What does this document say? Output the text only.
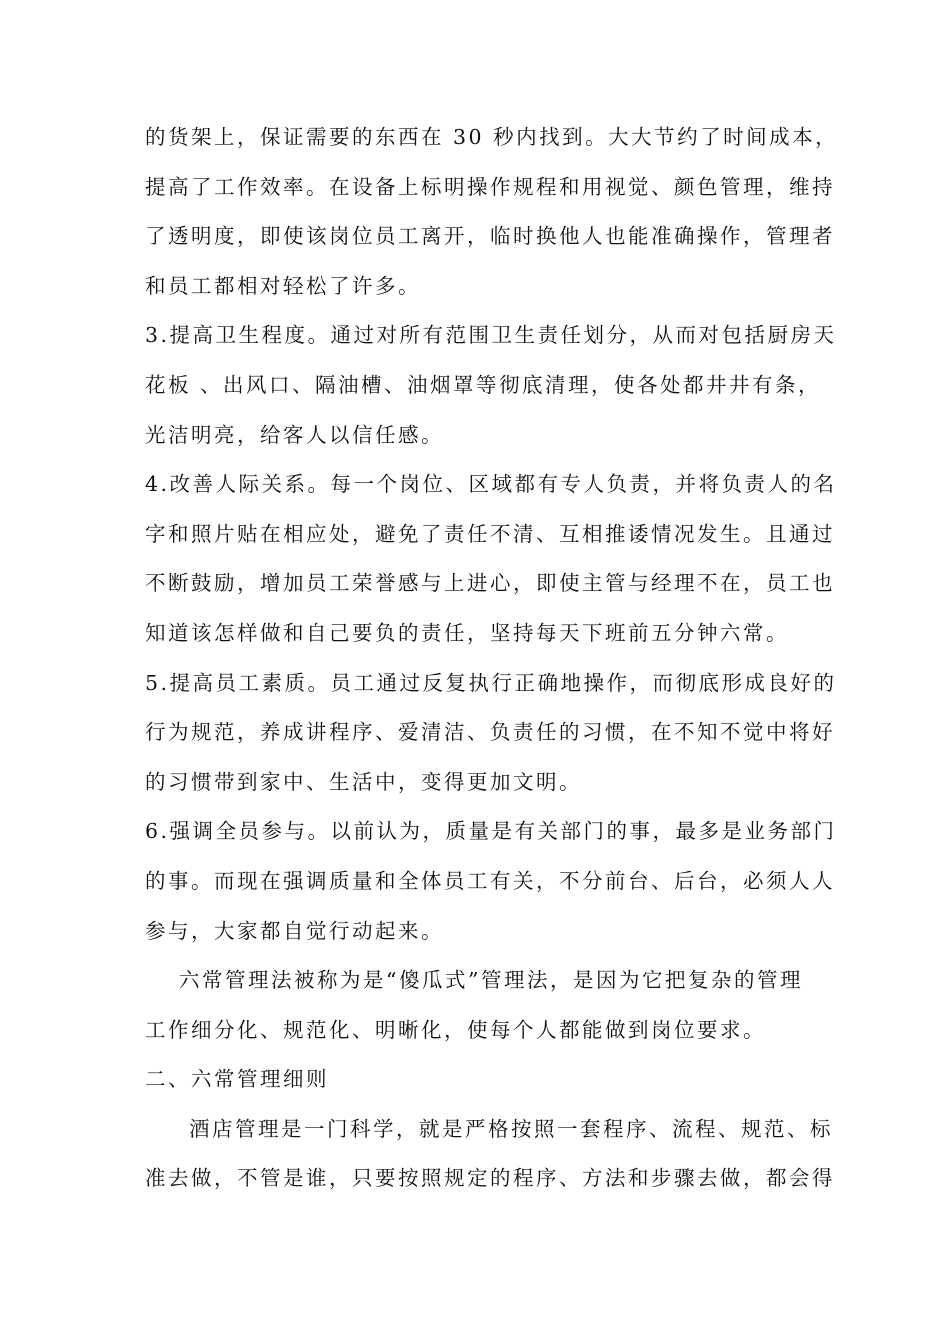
的货架上，保证需要的东西在 30 秒内找到。大大节约了时间成本，
提高了工作效率。在设备上标明操作规程和用视觉、颜色管理，维持
了透明度，即使该岗位员工离开，临时换他人也能准确操作，管理者
和员工都相对轻松了许多。
3.提高卫生程度。通过对所有范围卫生责任划分，从而对包括厨房天
花板 、出风口、隔油槽、油烟罩等彻底清理，使各处都井井有条，
光洁明亮，给客人以信任感。
4.改善人际关系。每一个岗位、区域都有专人负责，并将负责人的名
字和照片贴在相应处，避免了责任不清、互相推诿情况发生。且通过
不断鼓励，增加员工荣誉感与上进心，即使主管与经理不在，员工也
知道该怎样做和自己要负的责任，坚持每天下班前五分钟六常。
5.提高员工素质。员工通过反复执行正确地操作，而彻底形成良好的
行为规范，养成讲程序、爱清洁、负责任的习惯，在不知不觉中将好
的习惯带到家中、生活中，变得更加文明。
6.强调全员参与。以前认为，质量是有关部门的事，最多是业务部门
的事。而现在强调质量和全体员工有关，不分前台、后台，必须人人
参与，大家都自觉行动起来。
六常管理法被称为是“傻瓜式”管理法，是因为它把复杂的管理
工作细分化、规范化、明晰化，使每个人都能做到岗位要求。
二、六常管理细则
酒店管理是一门科学，就是严格按照一套程序、流程、规范、标
准去做，不管是谁，只要按照规定的程序、方法和步骤去做，都会得
